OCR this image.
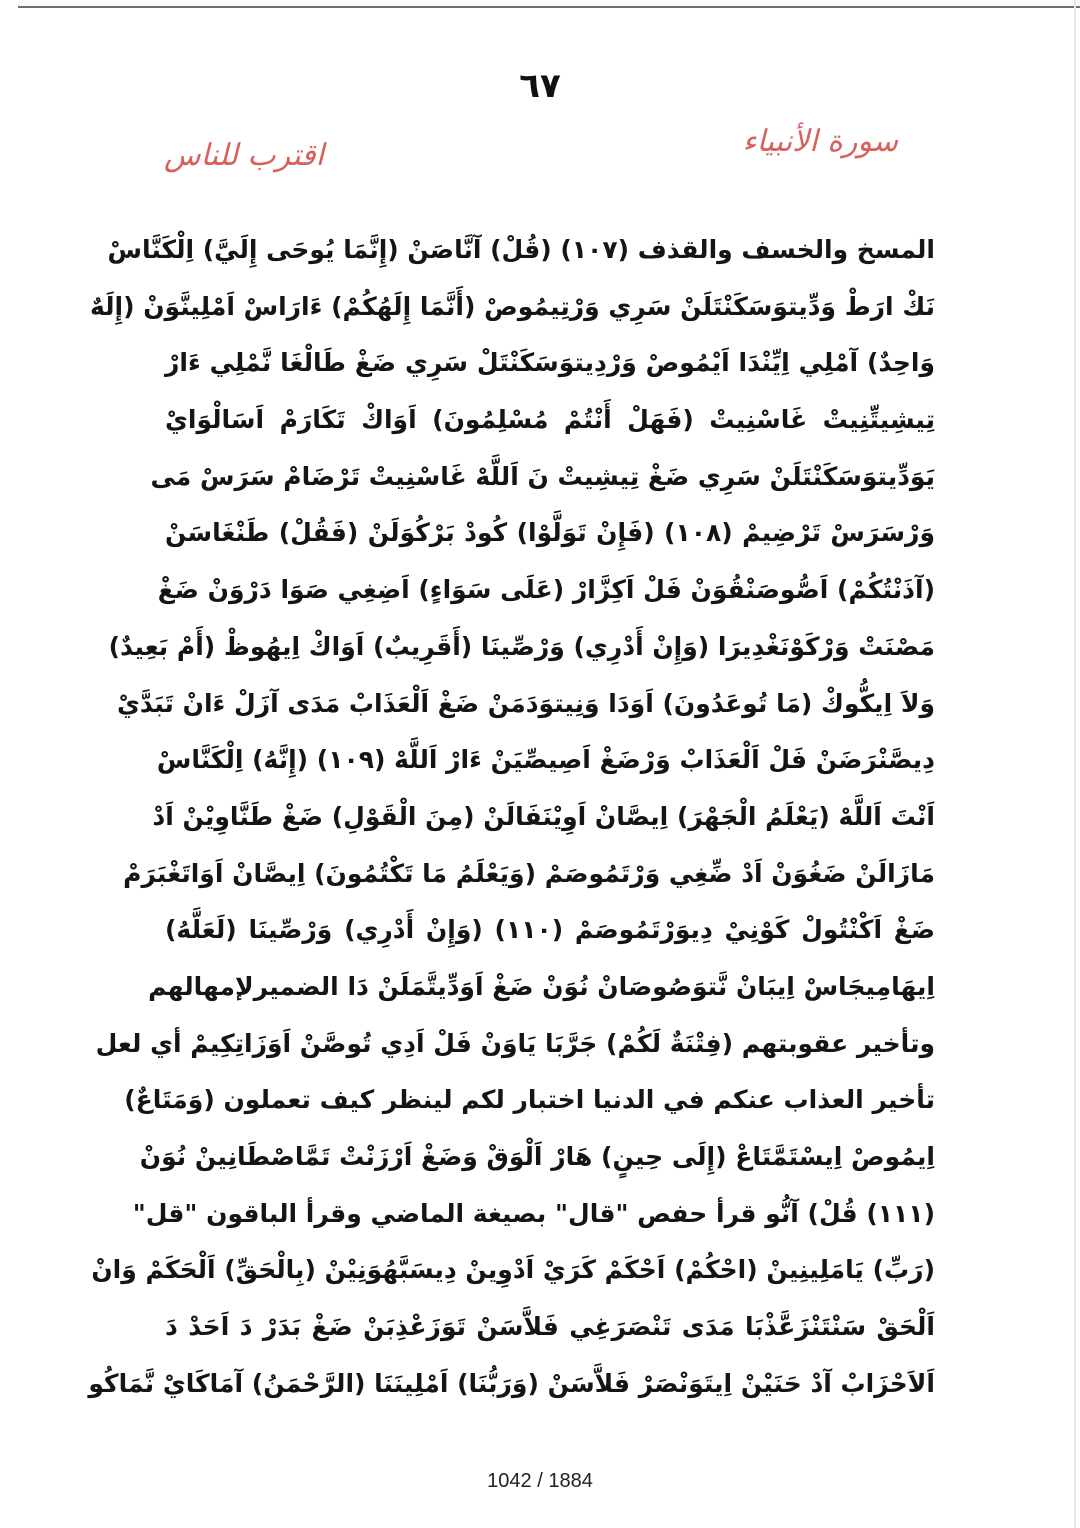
٦٧
سورة الأنبياء
اقترب للناس
المسخ والخسف والقذف (١٠٧) (قُلْ) آنَّاصَنْ (إِنَّمَا يُوحَى إِلَيَّ) اِلْكَنَّاسْ
نَكْ ارَطْ وَدِّيتوَسَكَنْتَلَنْ سَرِي وَرْتِيمُوصْ (أَنَّمَا إِلَهُكُمْ) ءَارَاسْ اَمْلِينَّوَنْ (إِلَهٌ
وَاحِدٌ) آمْلِي اِيِّنْدَا اَيْمُوصْ وَرْدِيتوَسَكَنْتَلْ سَرِي ضَغْ طَالْغَا نَّمْلِي ءَارْ
تِيشِيتِّنِيتْ غَاسْنِيتْ (فَهَلْ أَنْتُمْ مُسْلِمُونَ) اَوَاكْ تَكَارَمْ اَسَالْوَايْ
يَوَدِّيتوَسَكَنْتَلَنْ سَرِي ضَغْ تِيشِيتْ نَ اَللَّهْ غَاسْنِيتْ تَرْضَامْ سَرَسْ مَى
وَرْسَرَسْ تَرْضِيمْ (١٠٨) (فَإِنْ تَوَلَّوْا) كُودْ بَرْكُوَلَنْ (فَقُلْ) طَنْغَاسَنْ
(آذَنْتُكُمْ) اَصُّوصَنْقُوَنْ فَلْ اَكِزَّارْ (عَلَى سَوَاءٍ) اَضِغِي صَوَا دَرْوَنْ ضَغْ
مَصْنَتْ وَرْكَوْنَغْدِيرَا (وَإِنْ أَدْرِي) وَرْصِّينَا (أَقَرِيبٌ) اَوَاكْ اِيهُوظْ (أَمْ بَعِيدٌ)
وَلاَ اِيكُّوكْ (مَا تُوعَدُونَ) اَوَدَا وَنِيتوَدَمَنْ ضَغْ اَلْعَذَابْ مَدَى آزَلْ ءَانْ تَبَدَّيْ
دِيصَّنْرَضَنْ فَلْ اَلْعَذَابْ وَرْضَغْ اَصِيصِّيَنْ ءَارْ اَللَّهْ (١٠٩) (إِنَّهُ) اِلْكَنَّاسْ
اَنْتَ اَللَّهْ (يَعْلَمُ الْجَهْرَ) اِيصَّانْ اَوِيْنَفَالَنْ (مِنَ الْقَوْلِ) ضَغْ طَنَّاوِيْنْ اَدْ
مَازَالَنْ ضَغُوَنْ اَدْ ضِّغِي وَرْتَمُوصَمْ (وَيَعْلَمُ مَا تَكْتُمُونَ) اِيصَّانْ اَوَاتَغْبَرَمْ
ضَغْ اَكْنْتُولْ كَوْنِيْ دِيوَرْتَمُوصَمْ (١١٠) (وَإِنْ أَدْرِي) وَرْصِّينَا (لَعَلَّهُ)
اِيهَامِيجَاسْ اِيبَانْ نَّتوَصُوصَانْ نُوَنْ ضَغْ اَوَدِّيتَّمَلَنْ دَا الضميرلإمهالهم
وتأخير عقوبتهم (فِتْنَةٌ لَكُمْ) جَرَّبَا يَاوَنْ فَلْ اَدِي تُوصَّنْ اَوَزَاتِكِيمْ أي لعل
تأخير العذاب عنكم في الدنيا اختبار لكم لينظر كيف تعملون (وَمَتَاعٌ)
اِيمُوصْ اِيسْتَمَّتَاعْ (إِلَى حِينٍ) هَارْ اَلْوَقْ وَضَغْ اَرْزَنْتْ تَمَّاصْطَانِينْ نُوَنْ
(١١١) قُلْ) آنُّو قرأ حفص "قال" بصيغة الماضي وقرأ الباقون "قل"
(رَبِّ) يَامَلِينِينْ (احْكُمْ) اَحْكَمْ كَرَيْ اَدْوِينْ دِيسَبَّهُوَنِيْنْ (بِالْحَقِّ) اَلْحَكَمْ وَانْ
اَلْحَقْ سَنْتَنْزَعَّذْبَا مَدَى تَنْصَرَغِي فَلاَّسَنْ تَوَزَعْذِبَنْ ضَغْ بَدَرْ دَ اَحَدْ دَ
اَلاَحْزَابْ آدْ حَنَيْنْ اِيتَوَنْصَرْ فَلاَّسَنْ (وَرَبُّنَا) اَمْلِينَنَا (الرَّحْمَنُ) آمَاكَايْ نَّمَاكُو
1042 / 1884
